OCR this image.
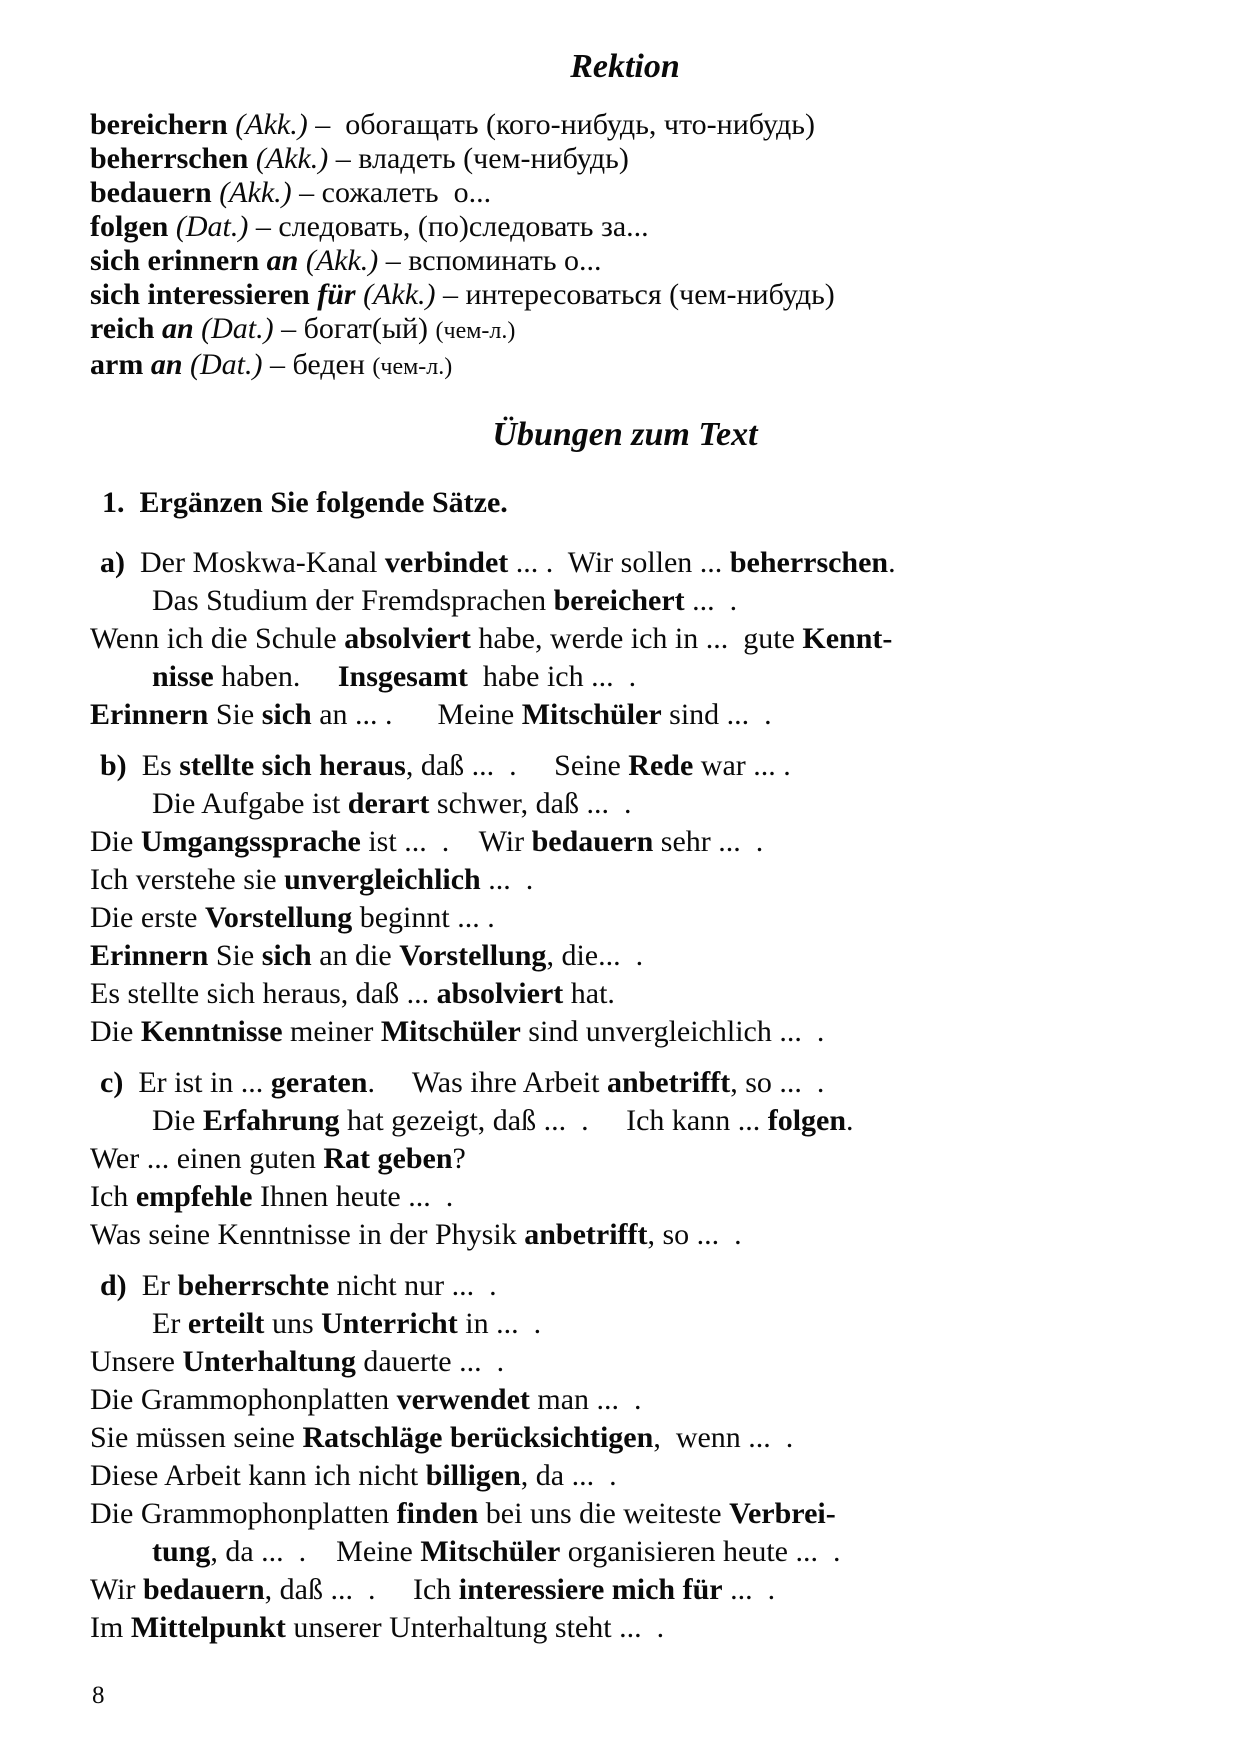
Rektion
bereichern (Akk.) –  обогащать (кого-нибудь, что-нибудь)
beherrschen (Akk.) – владеть (чем-нибудь)
bedauern (Akk.) – сожалеть  о...
folgen (Dat.) – следовать, (по)следовать за...
sich erinnern an (Akk.) – вспоминать о...
sich interessieren für (Akk.) – интересоваться (чем-нибудь)
reich an (Dat.) – богат(ый) (чем-л.)
arm an (Dat.) – беден (чем-л.)
Übungen zum Text
1.  Ergänzen Sie folgende Sätze.
a)  Der Moskwa-Kanal verbindet ... .  Wir sollen ... beherrschen.
Das Studium der Fremdsprachen bereichert ...  .
Wenn ich die Schule absolviert habe, werde ich in ...  gute Kennt-
nisse haben.     Insgesamt  habe ich ...  .
Erinnern Sie sich an ... .      Meine Mitschüler sind ...  .
b)  Es stellte sich heraus, daß ...  .     Seine Rede war ... .
Die Aufgabe ist derart schwer, daß ...  .
Die Umgangssprache ist ...  .    Wir bedauern sehr ...  .
Ich verstehe sie unvergleichlich ...  .
Die erste Vorstellung beginnt ... .
Erinnern Sie sich an die Vorstellung, die...  .
Es stellte sich heraus, daß ... absolviert hat.
Die Kenntnisse meiner Mitschüler sind unvergleichlich ...  .
c)  Er ist in ... geraten.     Was ihre Arbeit anbetrifft, so ...  .
Die Erfahrung hat gezeigt, daß ...  .     Ich kann ... folgen.
Wer ... einen guten Rat geben?
Ich empfehle Ihnen heute ...  .
Was seine Kenntnisse in der Physik anbetrifft, so ...  .
d)  Er beherrschte nicht nur ...  .
Er erteilt uns Unterricht in ...  .
Unsere Unterhaltung dauerte ...  .
Die Grammophonplatten verwendet man ...  .
Sie müssen seine Ratschläge berücksichtigen,  wenn ...  .
Diese Arbeit kann ich nicht billigen, da ...  .
Die Grammophonplatten finden bei uns die weiteste Verbrei-
tung, da ...  .    Meine Mitschüler organisieren heute ...  .
Wir bedauern, daß ...  .     Ich interessiere mich für ...  .
Im Mittelpunkt unserer Unterhaltung steht ...  .
8
